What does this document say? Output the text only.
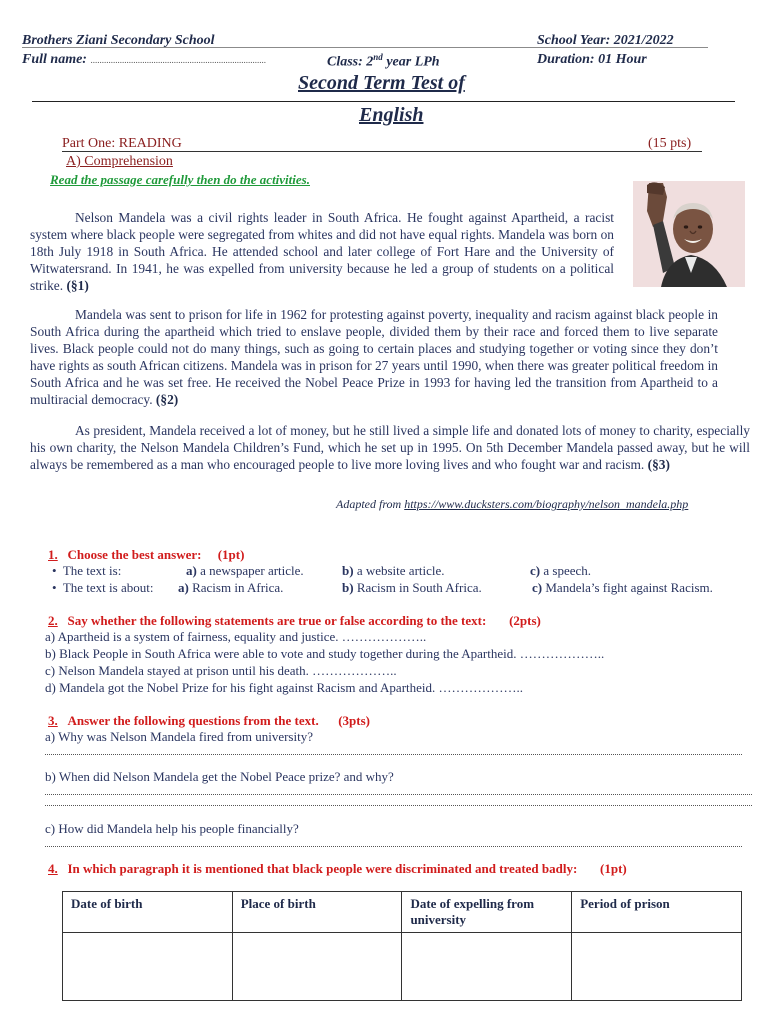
Brothers Ziani Secondary School	School Year: 2021/2022
Full name: ..............................................................................	Class: 2nd year LPh	Duration: 01 Hour
Second Term Test of
English
Part One: READING	(15 pts)
A) Comprehension
Read the passage carefully then do the activities.
Nelson Mandela was a civil rights leader in South Africa. He fought against Apartheid, a racist system where black people were segregated from whites and did not have equal rights. Mandela was born on 18th July 1918 in South Africa. He attended school and later college of Fort Hare and the University of Witwatersrand. In 1941, he was expelled from university because he led a group of students on a political strike. (§1)
Mandela was sent to prison for life in 1962 for protesting against poverty, inequality and racism against black people in South Africa during the apartheid which tried to enslave people, divided them by their race and forced them to live separate lives. Black people could not do many things, such as going to certain places and studying together or voting since they don’t have rights as south African citizens. Mandela was in prison for 27 years until 1990, when there was greater political freedom in South Africa and he was set free. He received the Nobel Peace Prize in 1993 for having led the transition from Apartheid to a multiracial democracy. (§2)
As president, Mandela received a lot of money, but he still lived a simple life and donated lots of money to charity, especially his own charity, the Nelson Mandela Children’s Fund, which he set up in 1995. On 5th December Mandela passed away, but he will always be remembered as a man who encouraged people to live more loving lives and who fought war and racism. (§3)
Adapted from https://www.ducksters.com/biography/nelson_mandela.php
1. Choose the best answer: (1pt)
• The text is:	a) a newspaper article.	b) a website article.	c) a speech.
• The text is about: a) Racism in Africa.	b) Racism in South Africa.	c) Mandela’s fight against Racism.
2. Say whether the following statements are true or false according to the text: (2pts)
a) Apartheid is a system of fairness, equality and justice. ………………..
b) Black People in South Africa were able to vote and study together during the Apartheid. ………………..
c) Nelson Mandela stayed at prison until his death. ………………..
d) Mandela got the Nobel Prize for his fight against Racism and Apartheid. ………………..
3. Answer the following questions from the text. (3pts)
a) Why was Nelson Mandela fired from university?
b) When did Nelson Mandela get the Nobel Peace prize? and why?
c) How did Mandela help his people financially?
4. In which paragraph it is mentioned that black people were discriminated and treated badly: (1pt)
Date of birth	Place of birth	Date of expelling from university	Period of prison
